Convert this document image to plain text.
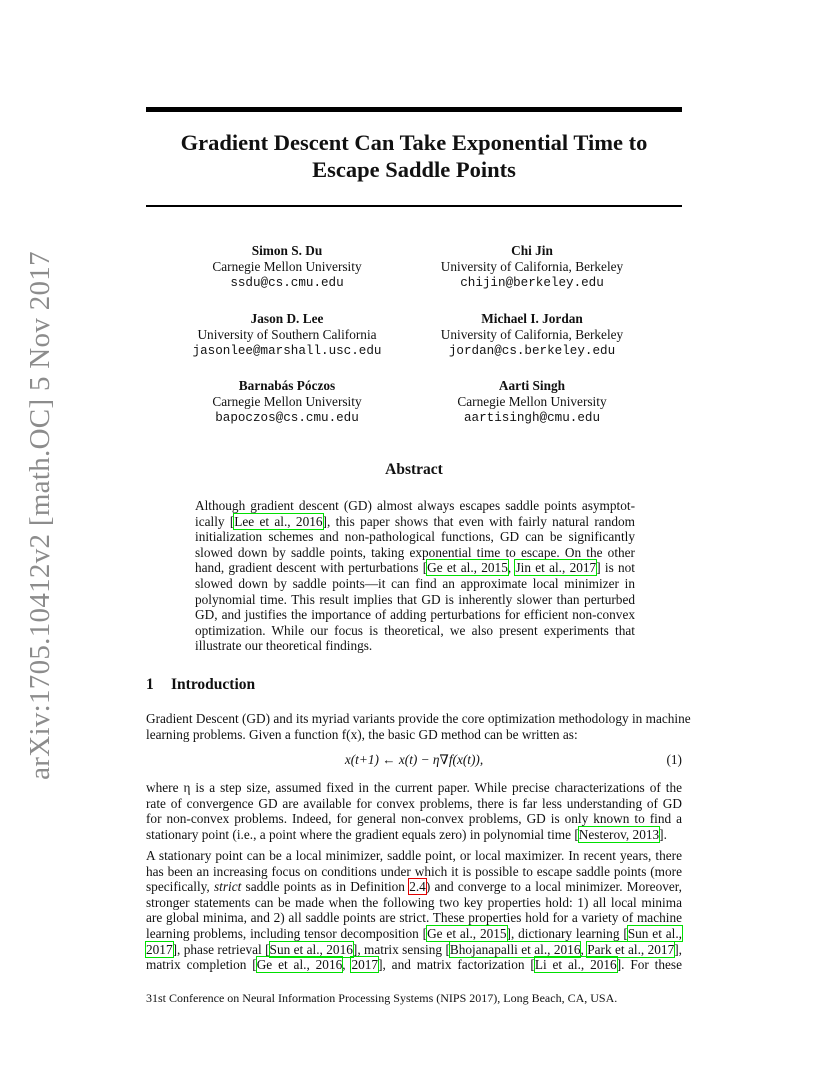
arXiv:1705.10412v2 [math.OC] 5 Nov 2017
Gradient Descent Can Take Exponential Time to
Escape Saddle Points
Simon S. Du
Carnegie Mellon University
ssdu@cs.cmu.edu
Chi Jin
University of California, Berkeley
chijin@berkeley.edu
Jason D. Lee
University of Southern California
jasonlee@marshall.usc.edu
Michael I. Jordan
University of California, Berkeley
jordan@cs.berkeley.edu
Barnabás Póczos
Carnegie Mellon University
bapoczos@cs.cmu.edu
Aarti Singh
Carnegie Mellon University
aartisingh@cmu.edu
Abstract
Although gradient descent (GD) almost always escapes saddle points asymptot-
ically [Lee et al., 2016], this paper shows that even with fairly natural random
initialization schemes and non-pathological functions, GD can be significantly
slowed down by saddle points, taking exponential time to escape. On the other
hand, gradient descent with perturbations [Ge et al., 2015, Jin et al., 2017] is not
slowed down by saddle points—it can find an approximate local minimizer in
polynomial time. This result implies that GD is inherently slower than perturbed
GD, and justifies the importance of adding perturbations for efficient non-convex
optimization. While our focus is theoretical, we also present experiments that
illustrate our theoretical findings.
1 Introduction
Gradient Descent (GD) and its myriad variants provide the core optimization methodology in machine
learning problems. Given a function f(x), the basic GD method can be written as:
x(t+1) ← x(t) − η∇f(x(t)),	(1)
where η is a step size, assumed fixed in the current paper. While precise characterizations of the
rate of convergence GD are available for convex problems, there is far less understanding of GD
for non-convex problems. Indeed, for general non-convex problems, GD is only known to find a
stationary point (i.e., a point where the gradient equals zero) in polynomial time [Nesterov, 2013].
A stationary point can be a local minimizer, saddle point, or local maximizer. In recent years, there
has been an increasing focus on conditions under which it is possible to escape saddle points (more
specifically, strict saddle points as in Definition 2.4) and converge to a local minimizer. Moreover,
stronger statements can be made when the following two key properties hold: 1) all local minima
are global minima, and 2) all saddle points are strict. These properties hold for a variety of machine
learning problems, including tensor decomposition [Ge et al., 2015], dictionary learning [Sun et al.,
2017], phase retrieval [Sun et al., 2016], matrix sensing [Bhojanapalli et al., 2016, Park et al., 2017],
matrix completion [Ge et al., 2016, 2017], and matrix factorization [Li et al., 2016]. For these
31st Conference on Neural Information Processing Systems (NIPS 2017), Long Beach, CA, USA.
